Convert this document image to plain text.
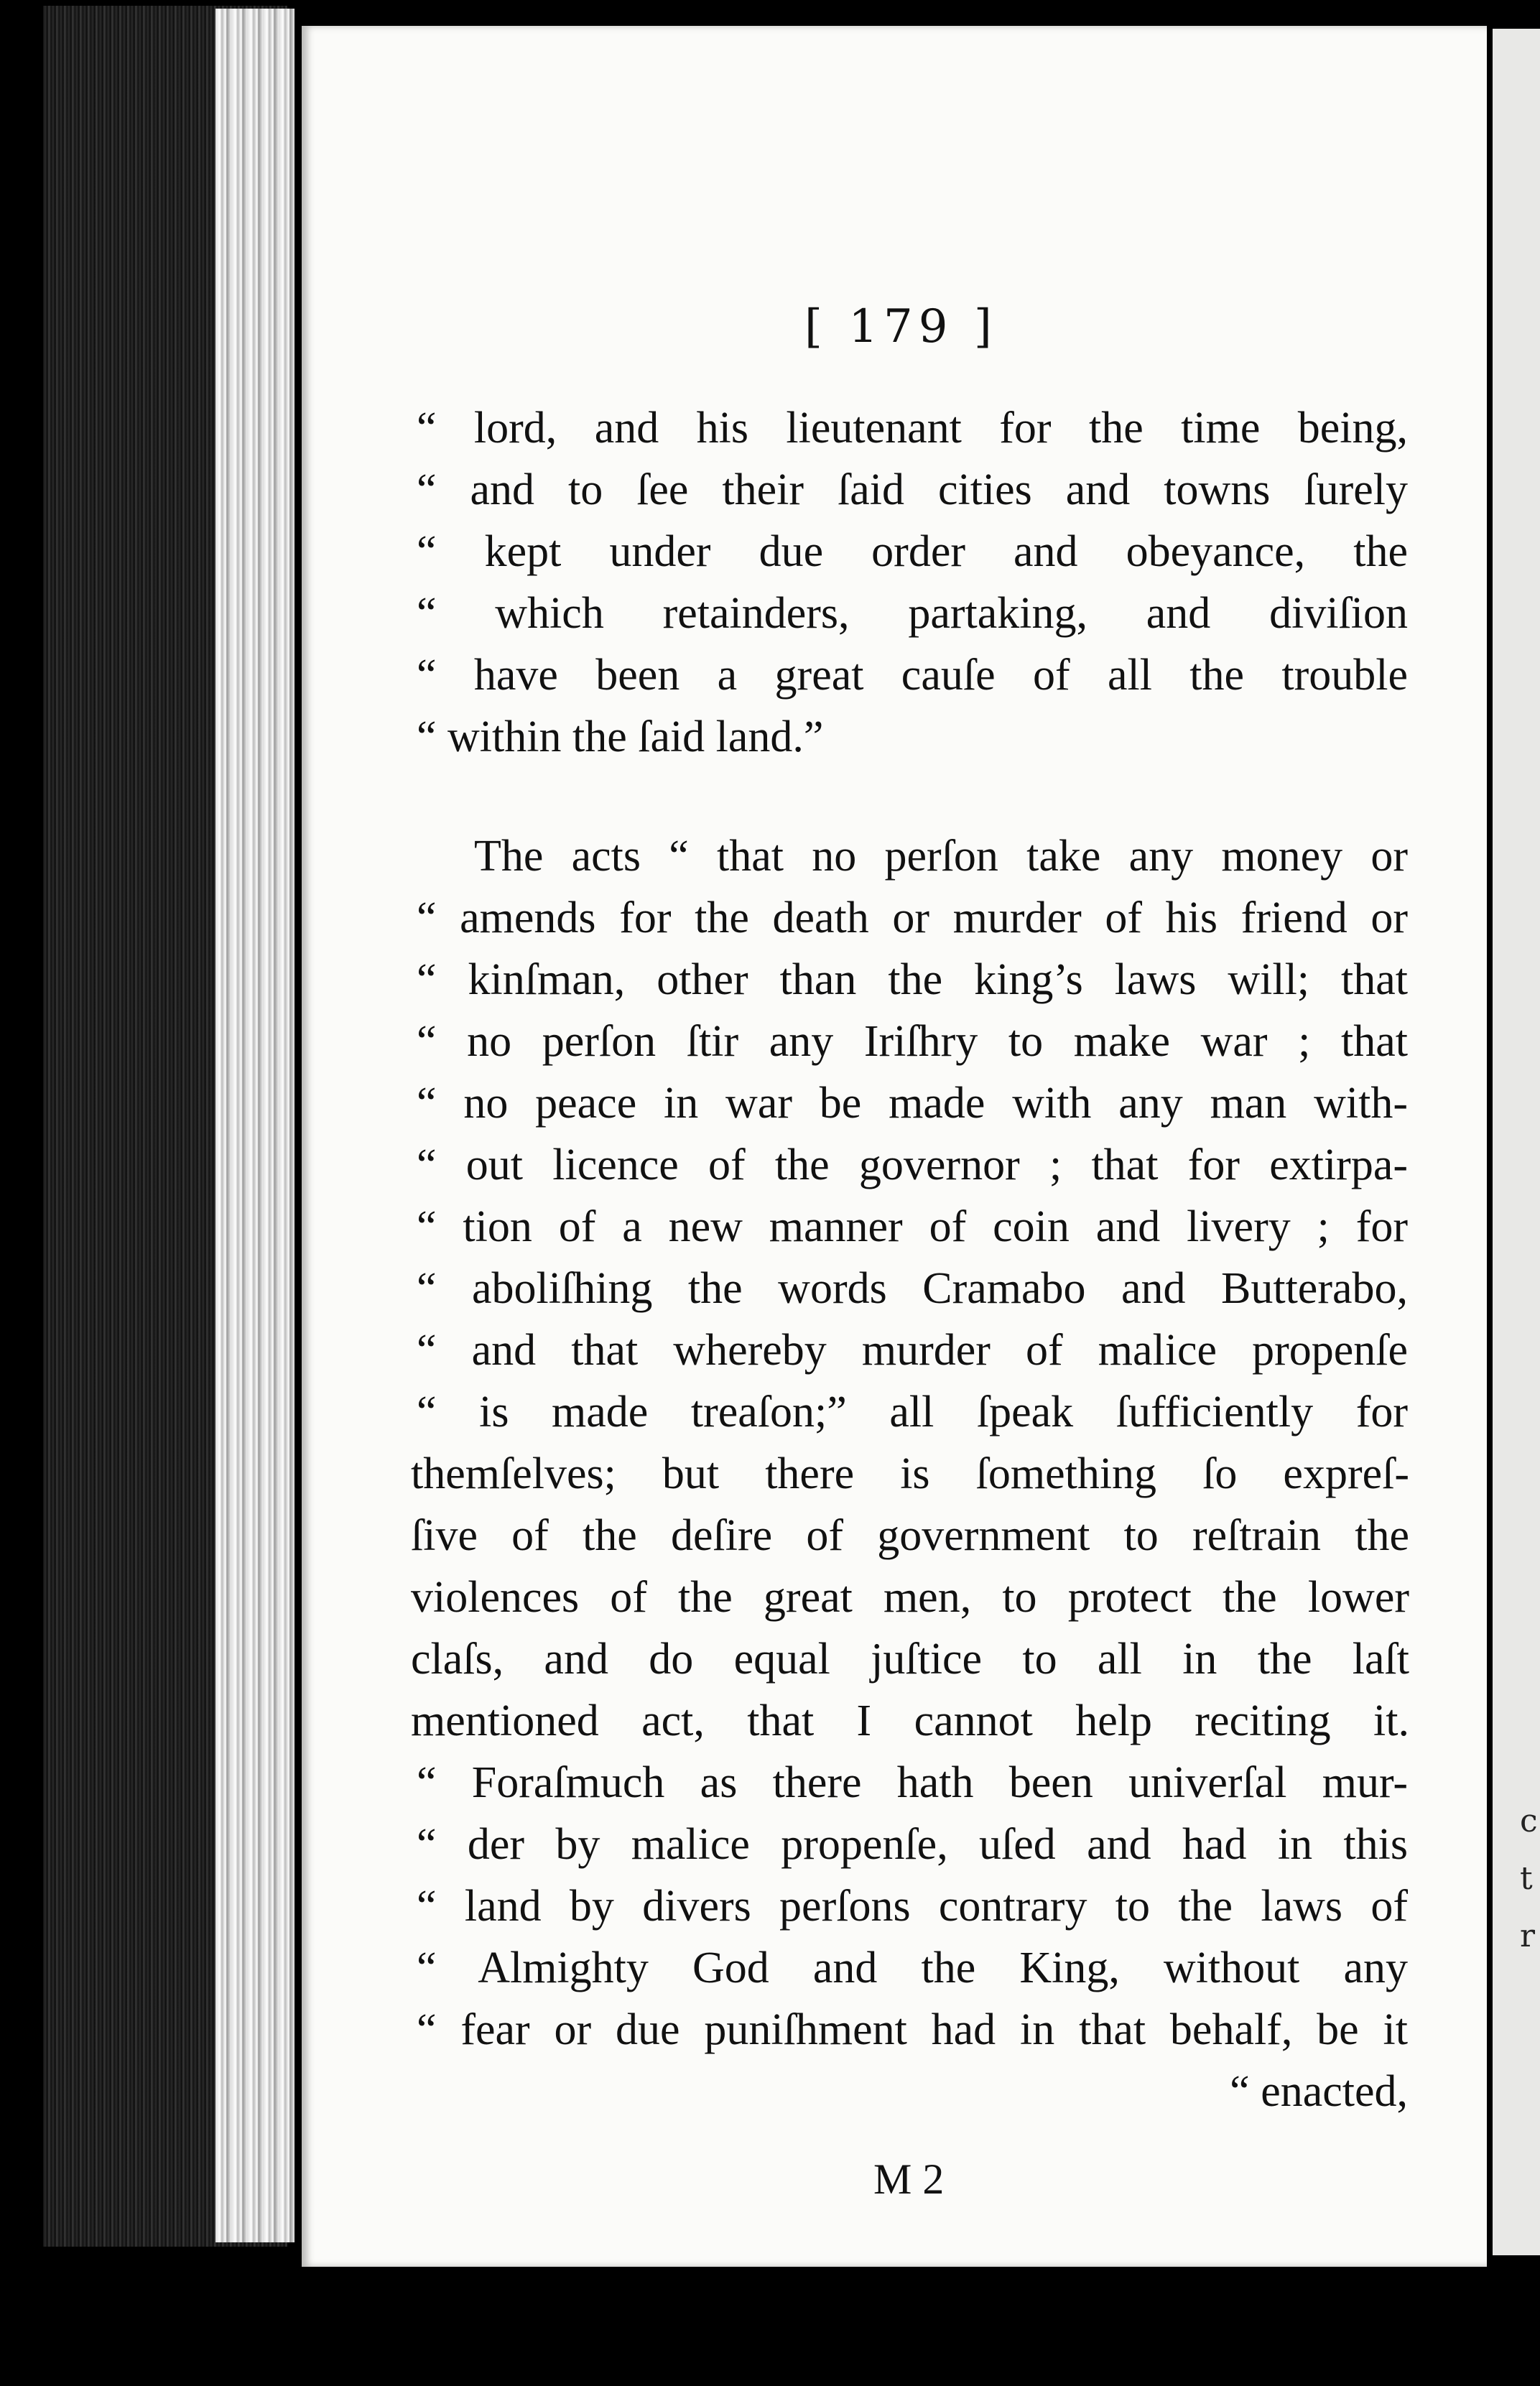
c
t
r
[ 179 ]
“ lord, and his lieutenant for the time being,
“ and to ſee their ſaid cities and towns ſurely
“ kept under due order and obeyance, the
“ which retainders, partaking, and diviſion
“ have been a great cauſe of all the trouble
“ within the ſaid land.”
The acts “ that no perſon take any money or
“ amends for the death or murder of his friend or
“ kinſman, other than the king’s laws will; that
“ no perſon ſtir any Iriſhry to make war ; that
“ no peace in war be made with any man with-
“ out licence of the governor ; that for extirpa-
“ tion of a new manner of coin and livery ; for
“ aboliſhing the words Cramabo and Butterabo,
“ and that whereby murder of malice propenſe
“ is made treaſon;” all ſpeak ſufficiently for
themſelves; but there is ſomething ſo expreſ-
ſive of the deſire of government to reſtrain the
violences of the great men, to protect the lower
claſs, and do equal juſtice to all in the laſt
mentioned act, that I cannot help reciting it.
“ Foraſmuch as there hath been univerſal mur-
“ der by malice propenſe, uſed and had in this
“ land by divers perſons contrary to the laws of
“ Almighty God and the King, without any
“ fear or due puniſhment had in that behalf, be it
“ enacted,
M 2
